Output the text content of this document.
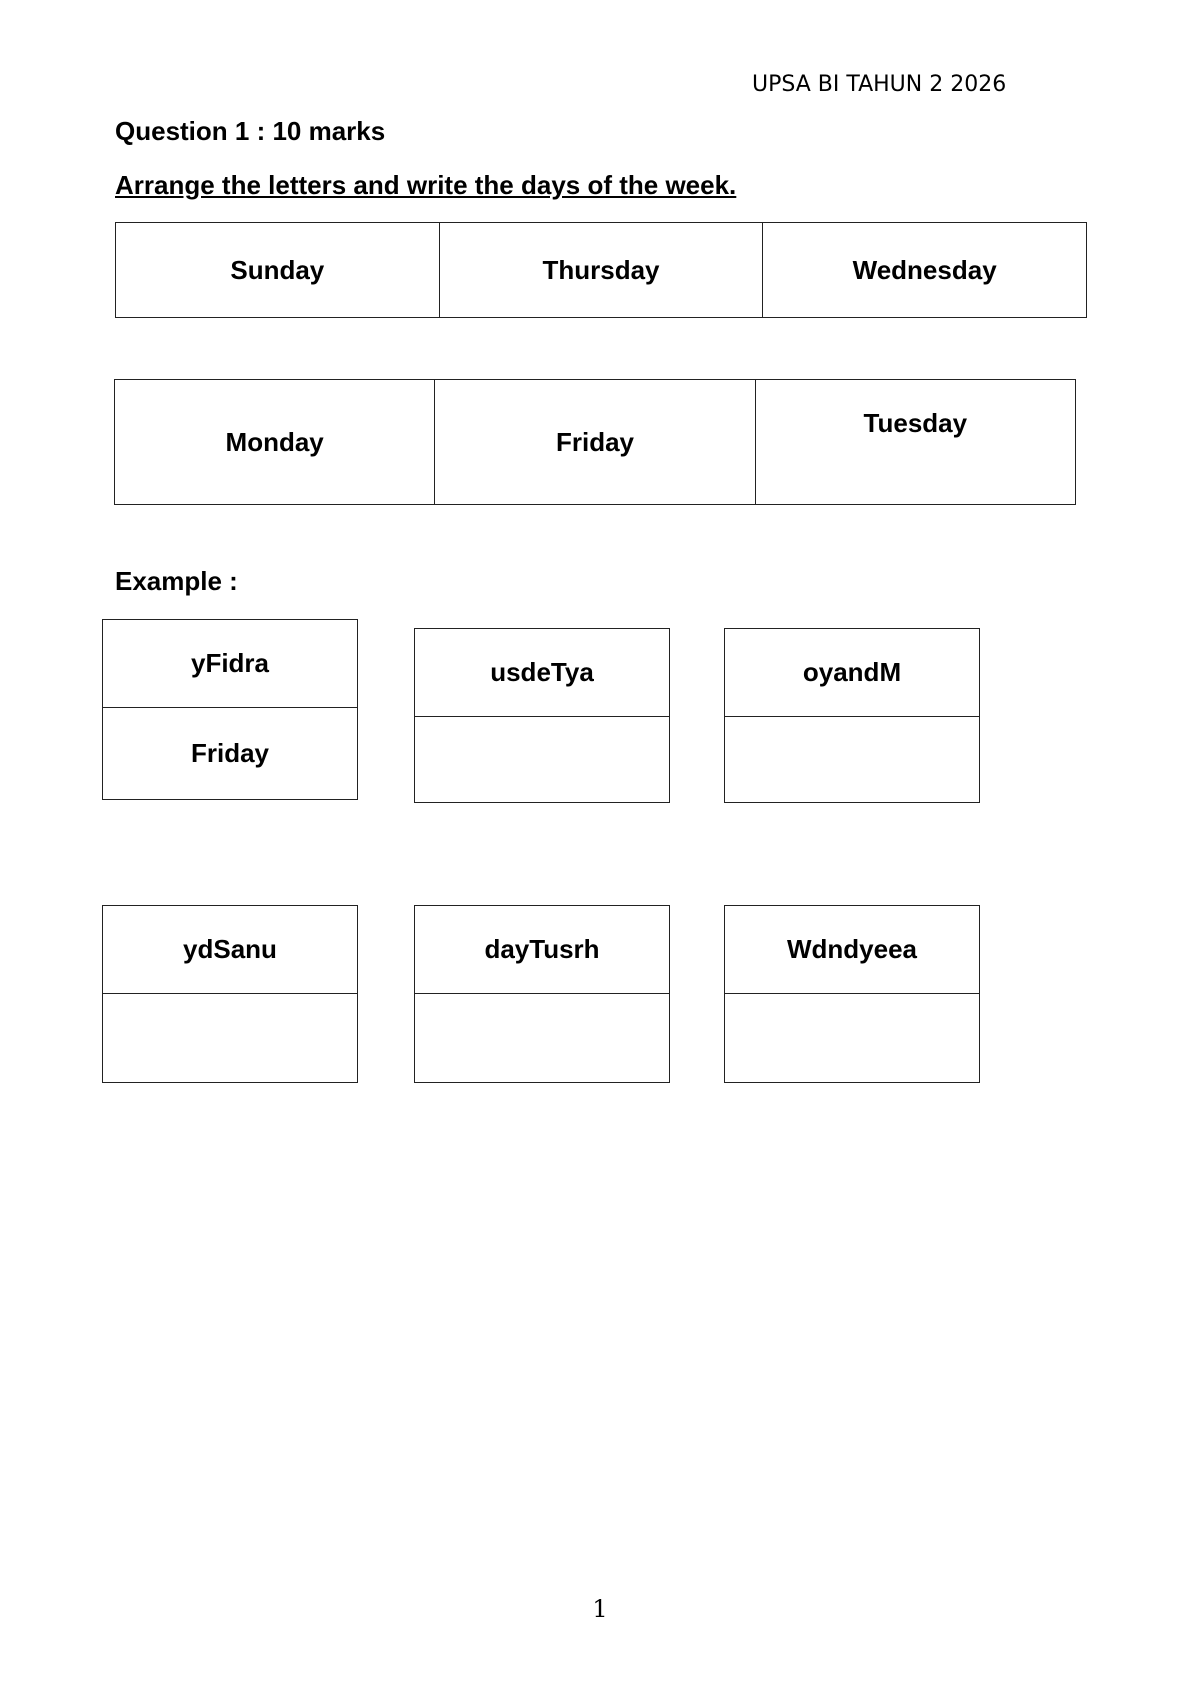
UPSA BI TAHUN 2 2026
Question 1 : 10 marks
Arrange the letters and write the days of the week.
Sunday	Thursday	Wednesday
Monday	Friday	Tuesday
Example :
yFidra
Friday
usdeTya	oyandM
ydSanu	dayTusrh	Wdndyeea
1
